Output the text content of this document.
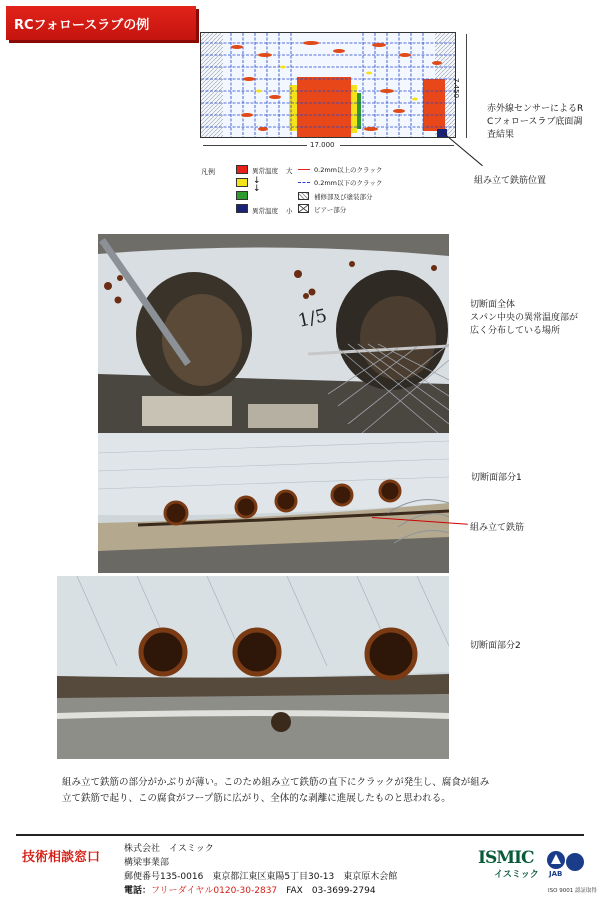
RCフォロースラブの例
17.000
7.450
赤外線センサーによるR
Cフォロースラブ底面調
査結果
組み立て鉄筋位置
凡例	異常温度 大
↓
↓
異常温度 小
0.2mm以上のクラック
0.2mm以下のクラック
補修部及び塗装部分
ピアー部分
1/5
切断面全体
スパン中央の異常温度部が
広く分布している場所
切断面部分1
組み立て鉄筋
切断面部分2
組み立て鉄筋の部分がかぶりが薄い。このため組み立て鉄筋の直下にクラックが発生し、腐食が組み立て鉄筋で起り、この腐食がフープ筋に広がり、全体的な剥離に進展したものと思われる。
技術相談窓口
株式会社　イスミック
構梁事業部
郵便番号135-0016　東京都江東区東陽5丁目30-13　東京原木会館
電話：フリーダイヤル0120-30-2837　FAX　03-3699-2794
ISMIC
イスミック JAB
ISO 9001 認証取得
